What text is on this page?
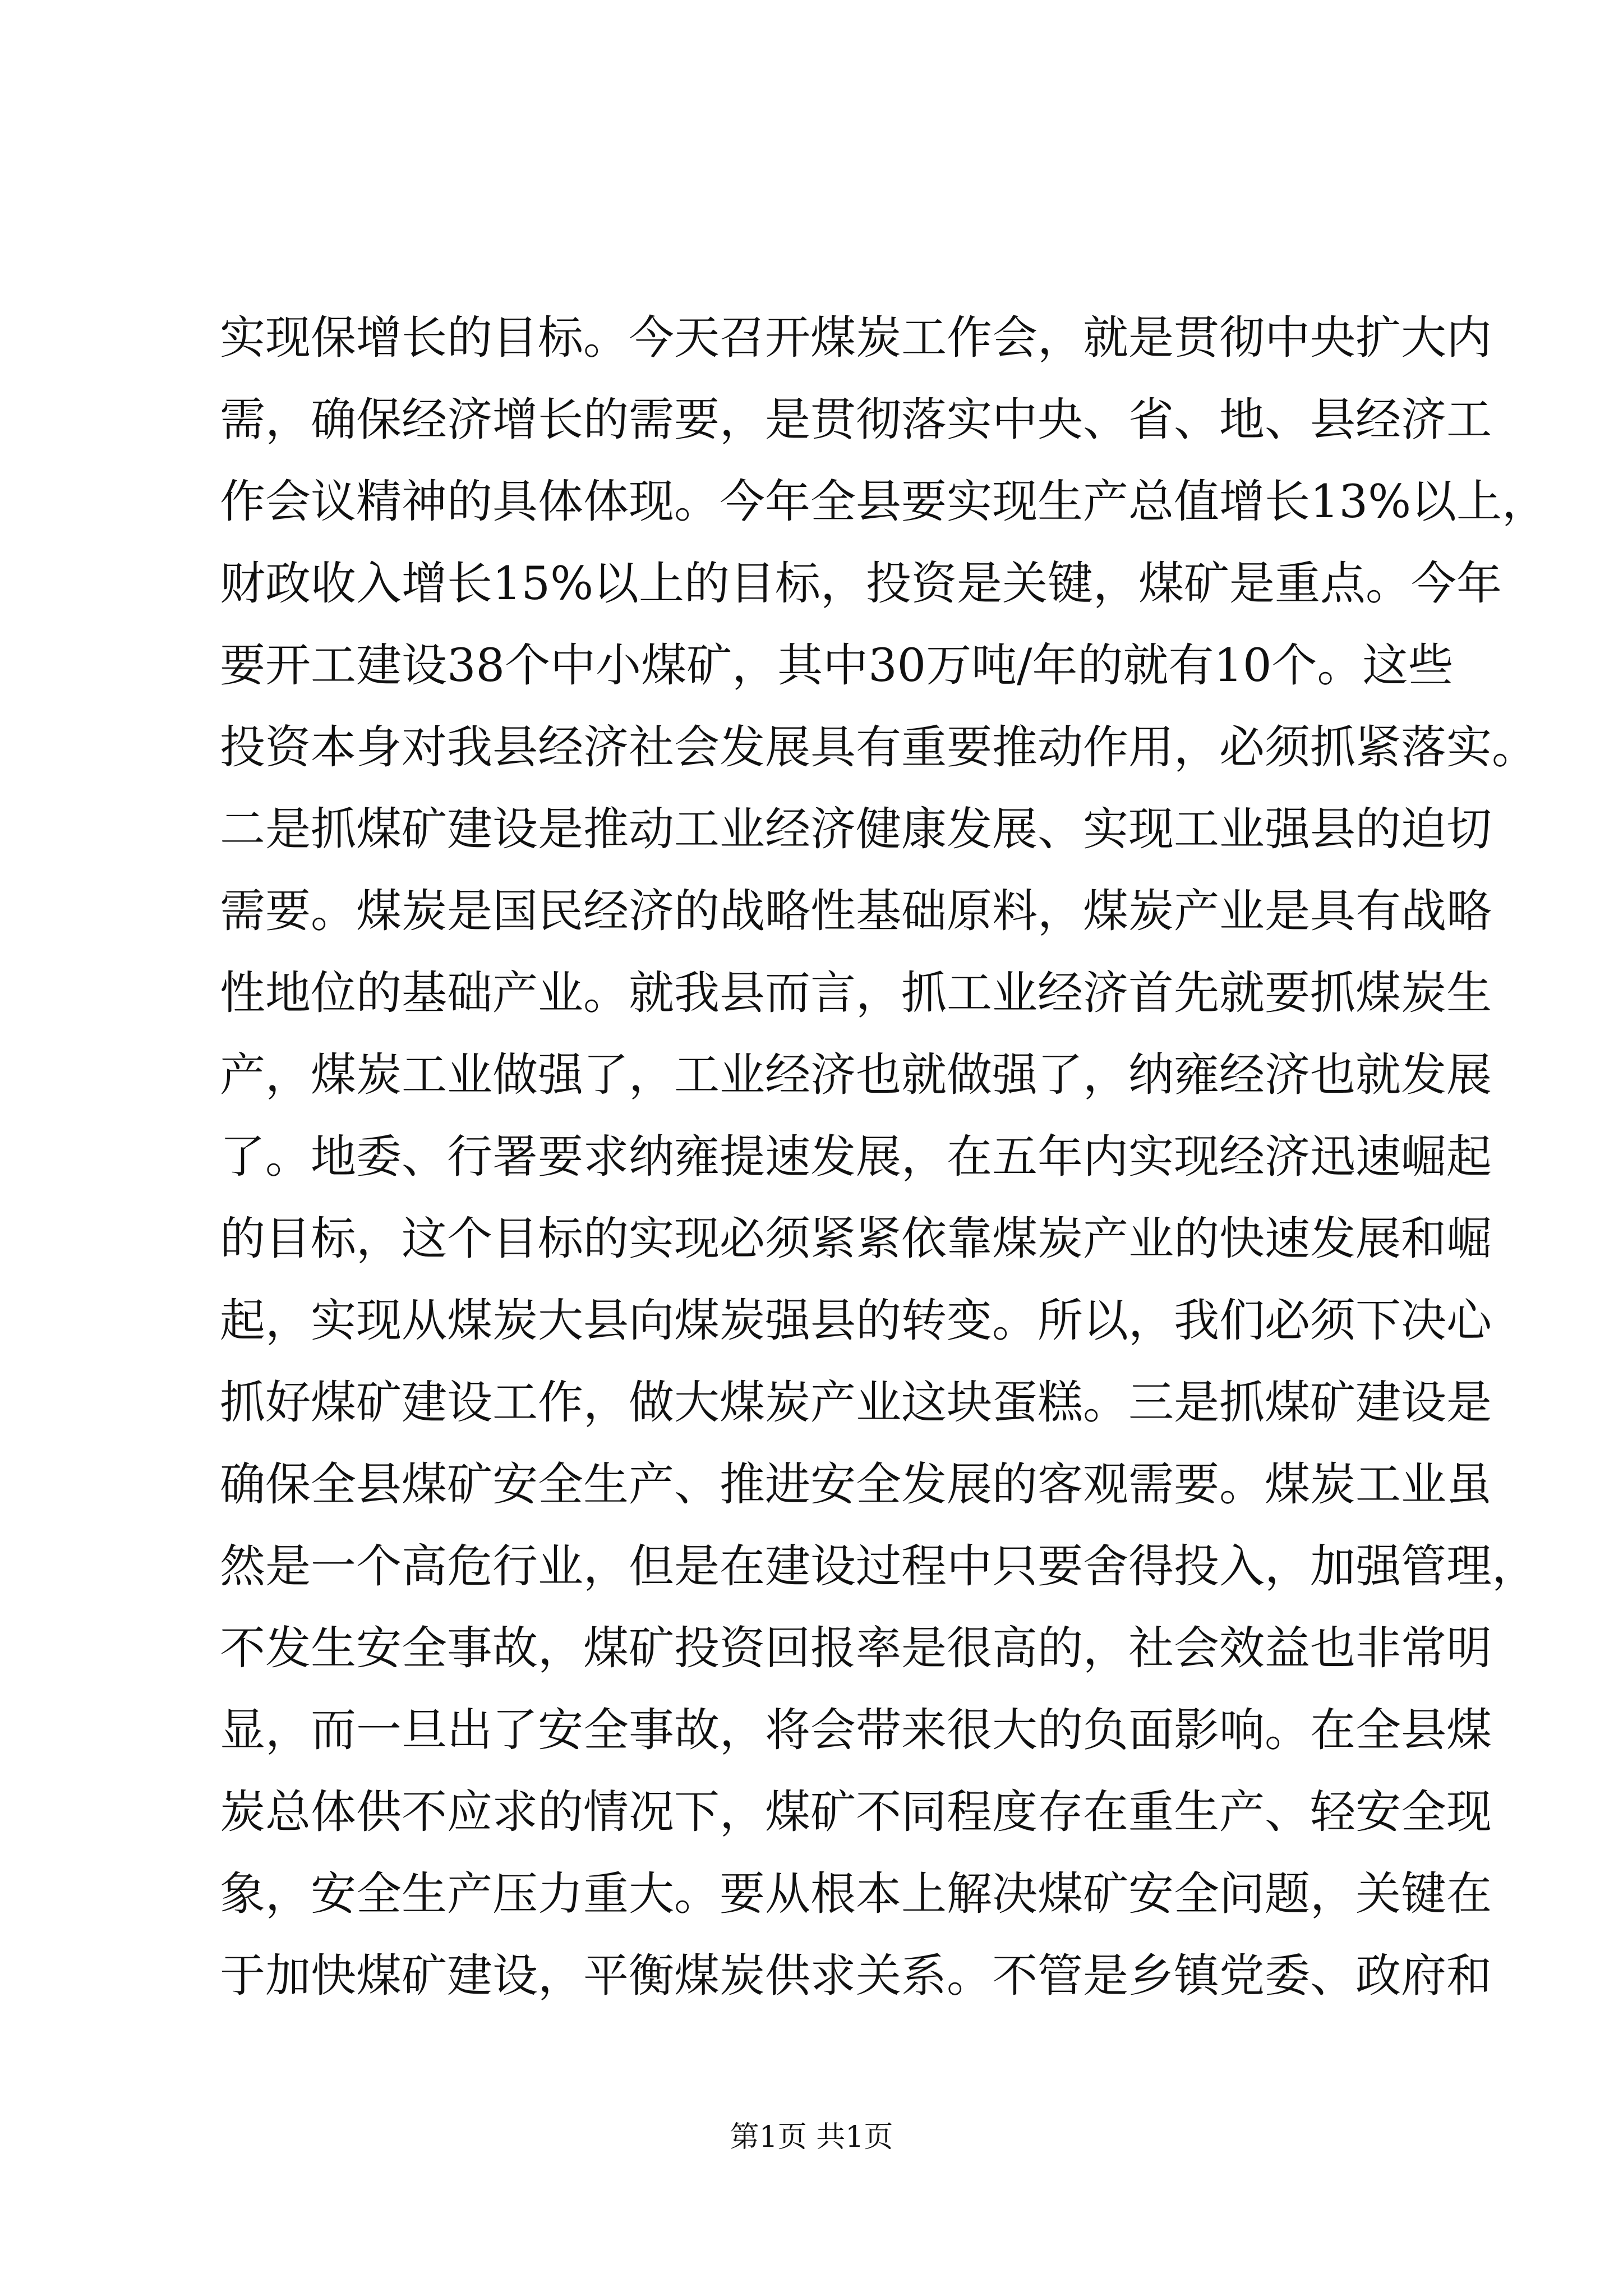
实现保增长的目标。今天召开煤炭工作会，就是贯彻中央扩大内
需，确保经济增长的需要，是贯彻落实中央、省、地、县经济工
作会议精神的具体体现。今年全县要实现生产总值增长13%以上，
财政收入增长15%以上的目标，投资是关键，煤矿是重点。今年
要开工建设38个中小煤矿，其中30万吨/年的就有10个。这些
投资本身对我县经济社会发展具有重要推动作用，必须抓紧落实。
二是抓煤矿建设是推动工业经济健康发展、实现工业强县的迫切
需要。煤炭是国民经济的战略性基础原料，煤炭产业是具有战略
性地位的基础产业。就我县而言，抓工业经济首先就要抓煤炭生
产，煤炭工业做强了，工业经济也就做强了，纳雍经济也就发展
了。地委、行署要求纳雍提速发展，在五年内实现经济迅速崛起
的目标，这个目标的实现必须紧紧依靠煤炭产业的快速发展和崛
起，实现从煤炭大县向煤炭强县的转变。所以，我们必须下决心
抓好煤矿建设工作，做大煤炭产业这块蛋糕。三是抓煤矿建设是
确保全县煤矿安全生产、推进安全发展的客观需要。煤炭工业虽
然是一个高危行业，但是在建设过程中只要舍得投入，加强管理，
不发生安全事故，煤矿投资回报率是很高的，社会效益也非常明
显，而一旦出了安全事故，将会带来很大的负面影响。在全县煤
炭总体供不应求的情况下，煤矿不同程度存在重生产、轻安全现
象，安全生产压力重大。要从根本上解决煤矿安全问题，关键在
于加快煤矿建设，平衡煤炭供求关系。不管是乡镇党委、政府和
第1页 共1页
